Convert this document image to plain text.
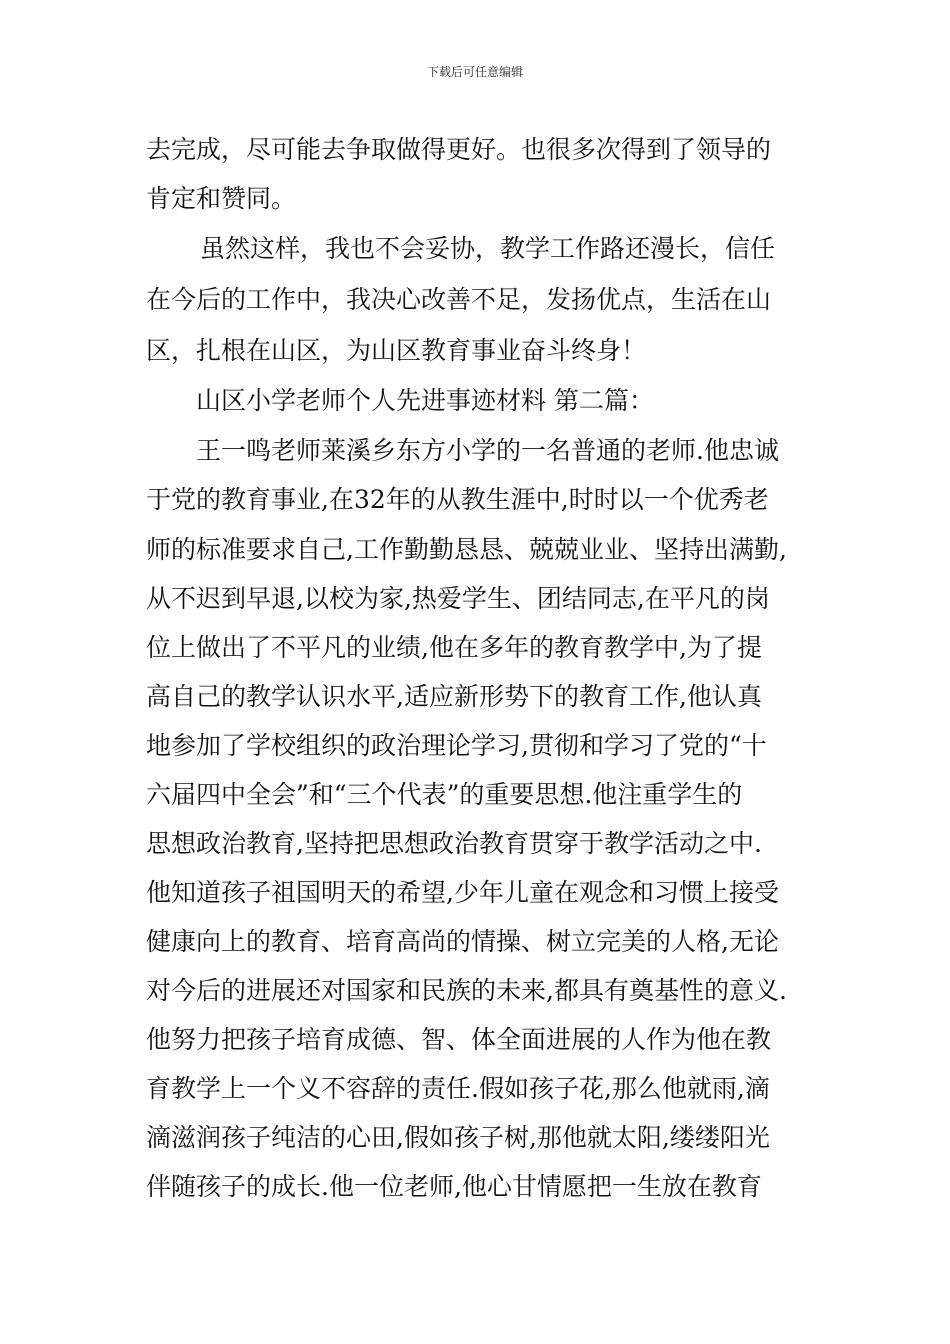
下载后可任意编辑
去完成，尽可能去争取做得更好。也很多次得到了领导的
肯定和赞同。
虽然这样，我也不会妥协，教学工作路还漫长，信任
在今后的工作中，我决心改善不足，发扬优点，生活在山
区，扎根在山区，为山区教育事业奋斗终身！
山区小学老师个人先进事迹材料 第二篇：
王一鸣老师莱溪乡东方小学的一名普通的老师.他忠诚
于党的教育事业,在32年的从教生涯中,时时以一个优秀老
师的标准要求自己,工作勤勤恳恳、兢兢业业、坚持出满勤,
从不迟到早退,以校为家,热爱学生、团结同志,在平凡的岗
位上做出了不平凡的业绩,他在多年的教育教学中,为了提
高自己的教学认识水平,适应新形势下的教育工作,他认真
地参加了学校组织的政治理论学习,贯彻和学习了党的“十
六届四中全会”和“三个代表”的重要思想.他注重学生的
思想政治教育,坚持把思想政治教育贯穿于教学活动之中.
他知道孩子祖国明天的希望,少年儿童在观念和习惯上接受
健康向上的教育、培育高尚的情操、树立完美的人格,无论
对今后的进展还对国家和民族的未来,都具有奠基性的意义.
他努力把孩子培育成德、智、体全面进展的人作为他在教
育教学上一个义不容辞的责任.假如孩子花,那么他就雨,滴
滴滋润孩子纯洁的心田,假如孩子树,那他就太阳,缕缕阳光
伴随孩子的成长.他一位老师,他心甘情愿把一生放在教育
